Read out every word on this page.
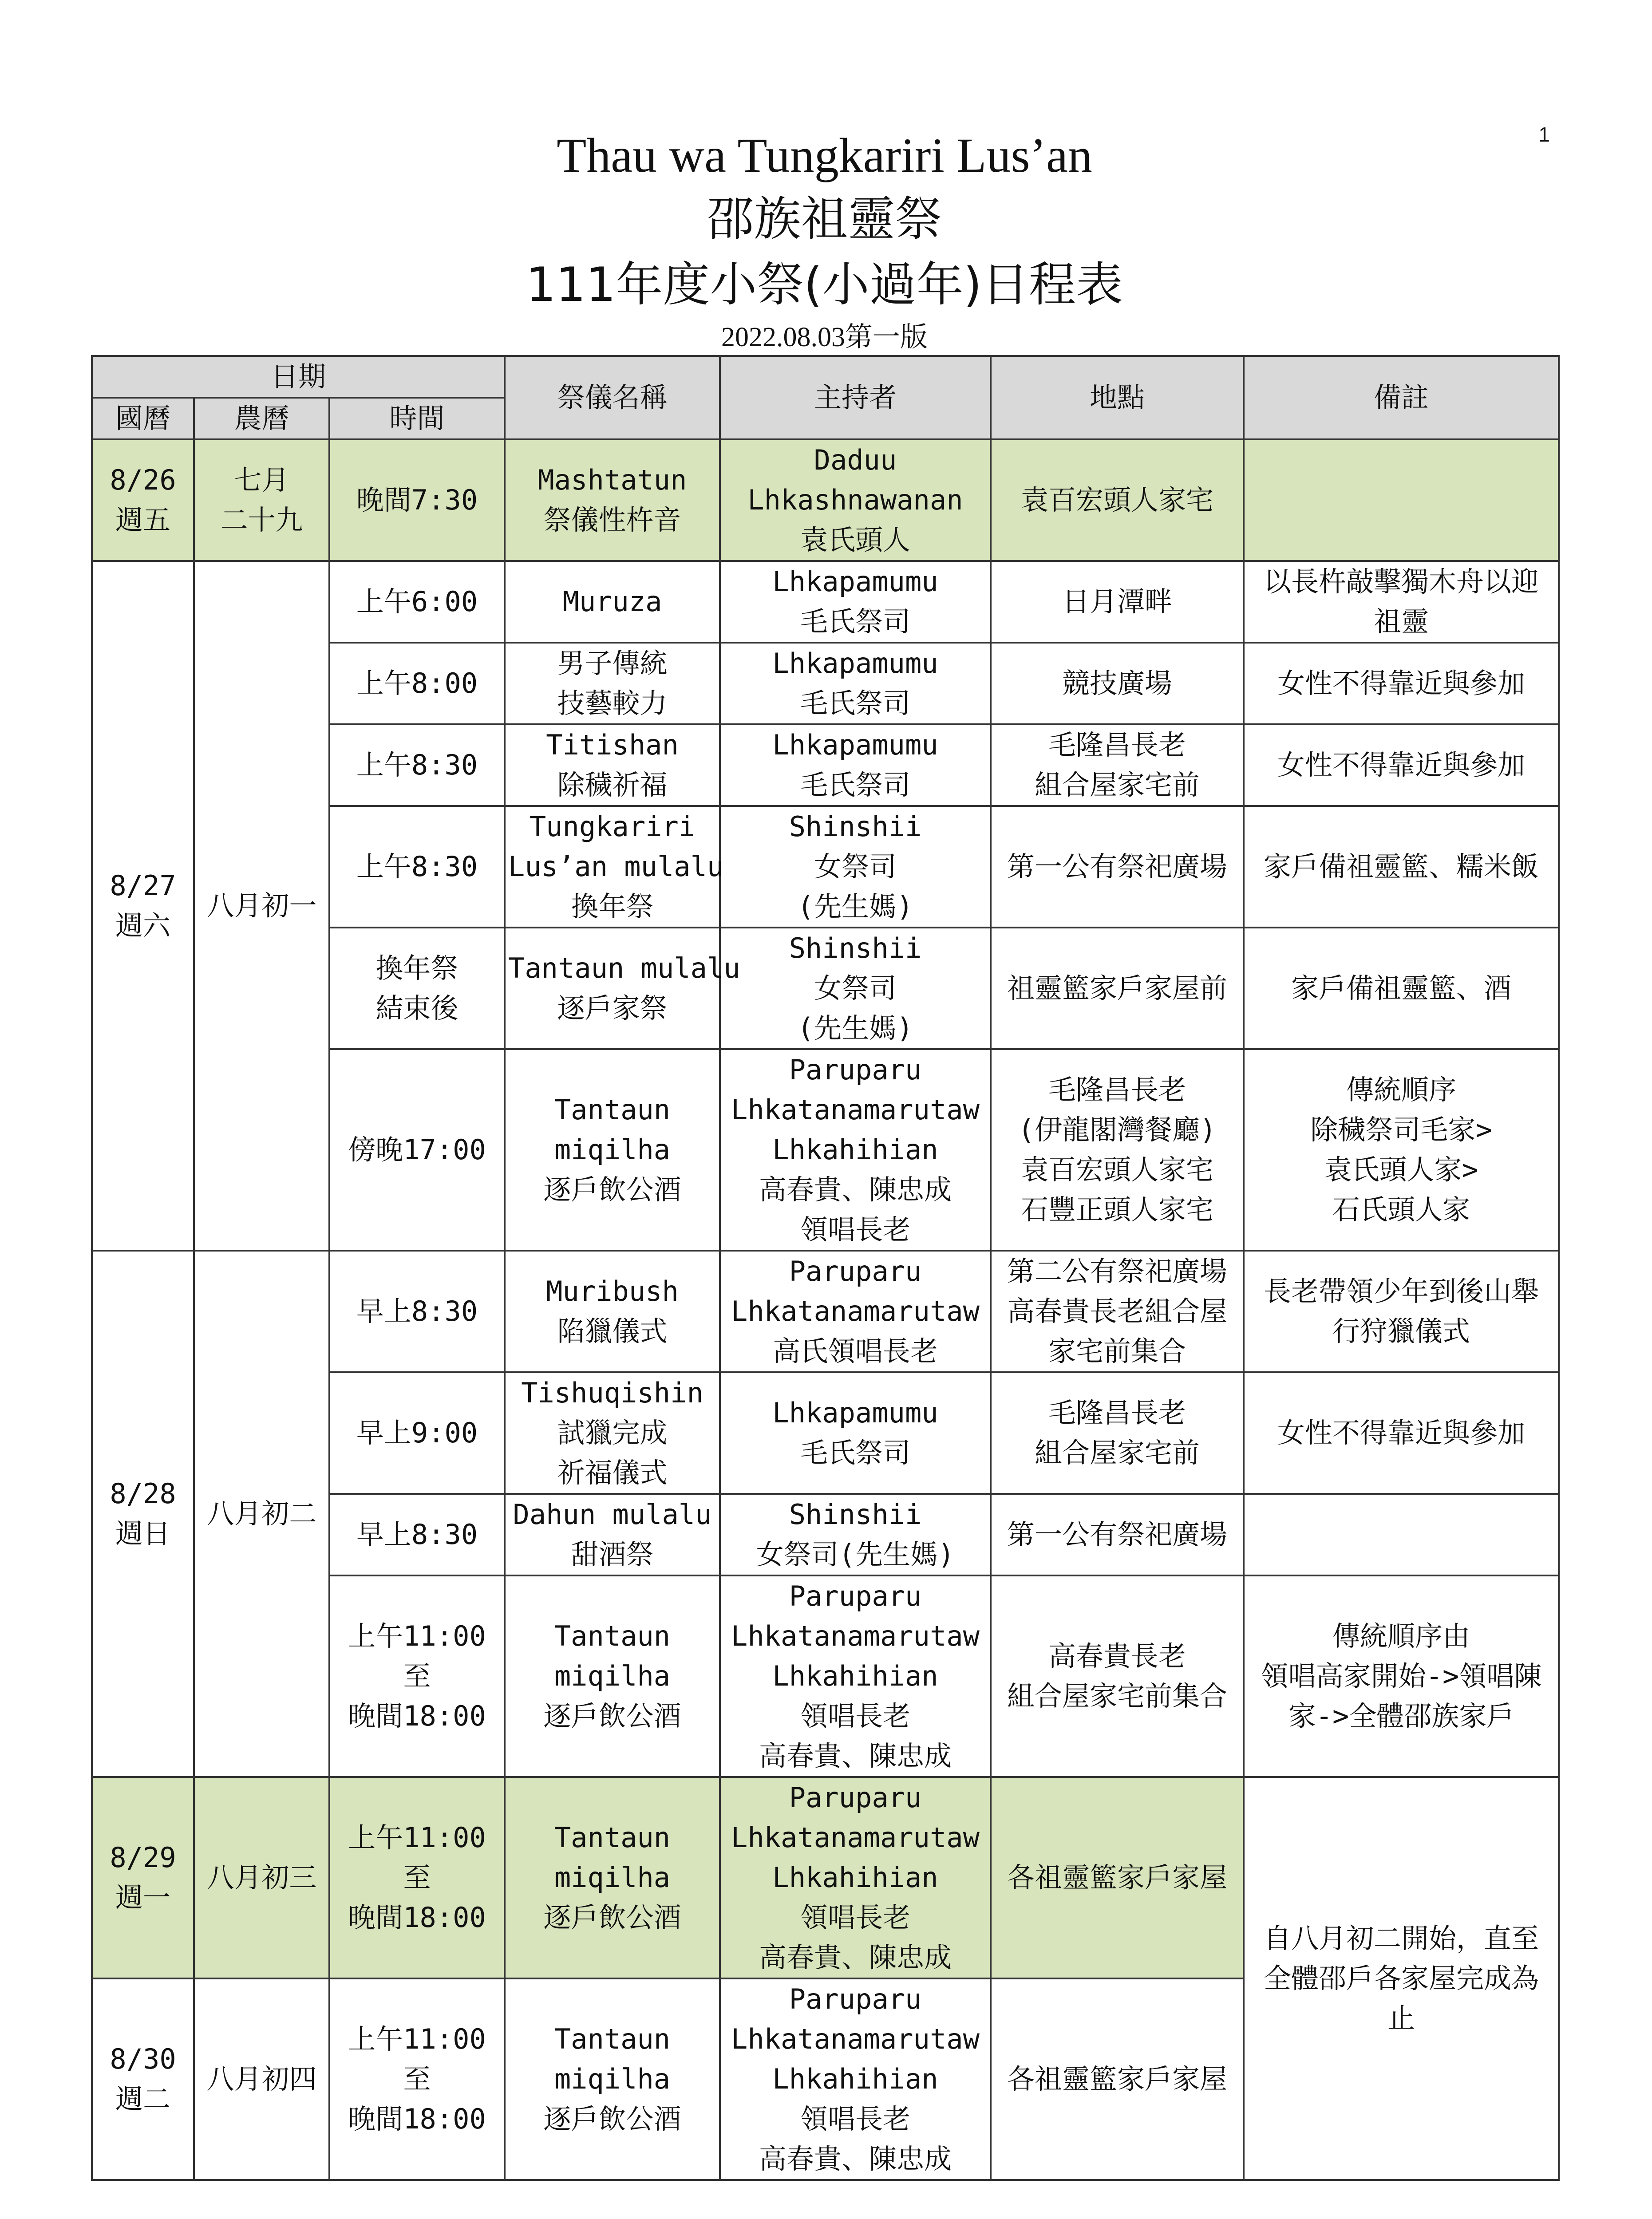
1
Thau wa Tungkariri Lus’an
邵族祖靈祭
111年度小祭(小過年)日程表
2022.08.03第一版
日期			祭儀名稱	主持者	地點	備註
國曆	農曆	時間				

8/26
週五	七月
二十九	晚間7:30	Mashtatun
祭儀性杵音	Daduu
Lhkashnawanan
袁氏頭人	袁百宏頭人家宅	

8/27
週六	八月初一	上午6:00	Muruza	Lhkapamumu
毛氏祭司	日月潭畔	以長杵敲擊獨木舟以迎
祖靈

		上午8:00	男子傳統
技藝較力	Lhkapamumu
毛氏祭司	競技廣場	女性不得靠近與參加

		上午8:30	Titishan
除穢祈福	Lhkapamumu
毛氏祭司	毛隆昌長老
組合屋家宅前	女性不得靠近與參加

		上午8:30	Tungkariri
Lus’an mulalu
換年祭	Shinshii
女祭司
(先生媽)	第一公有祭祀廣場	家戶備祖靈籃、糯米飯

		換年祭
結束後	Tantaun mulalu
逐戶家祭	Shinshii
女祭司
(先生媽)	祖靈籃家戶家屋前	家戶備祖靈籃、酒

		傍晚17:00	Tantaun
miqilha
逐戶飲公酒	Paruparu
Lhkatanamarutaw
Lhkahihian
高春貴、陳忠成
領唱長老	毛隆昌長老
(伊龍閣灣餐廳)
袁百宏頭人家宅
石豐正頭人家宅	傳統順序
除穢祭司毛家>
袁氏頭人家>
石氏頭人家

8/28
週日	八月初二	早上8:30	Muribush
陷獵儀式	Paruparu
Lhkatanamarutaw
高氏領唱長老	第二公有祭祀廣場
高春貴長老組合屋
家宅前集合	長老帶領少年到後山舉
行狩獵儀式

		早上9:00	Tishuqishin
試獵完成
祈福儀式	Lhkapamumu
毛氏祭司	毛隆昌長老
組合屋家宅前	女性不得靠近與參加

		早上8:30	Dahun mulalu
甜酒祭	Shinshii
女祭司(先生媽)	第一公有祭祀廣場	

		上午11:00
至
晚間18:00	Tantaun
miqilha
逐戶飲公酒	Paruparu
Lhkatanamarutaw
Lhkahihian
領唱長老
高春貴、陳忠成	高春貴長老
組合屋家宅前集合	傳統順序由
領唱高家開始->領唱陳
家->全體邵族家戶

8/29
週一	八月初三	上午11:00
至
晚間18:00	Tantaun
miqilha
逐戶飲公酒	Paruparu
Lhkatanamarutaw
Lhkahihian
領唱長老
高春貴、陳忠成	各祖靈籃家戶家屋	自八月初二開始，直至
全體邵戶各家屋完成為
止

8/30
週二	八月初四	上午11:00
至
晚間18:00	Tantaun
miqilha
逐戶飲公酒	Paruparu
Lhkatanamarutaw
Lhkahihian
領唱長老
高春貴、陳忠成	各祖靈籃家戶家屋	
